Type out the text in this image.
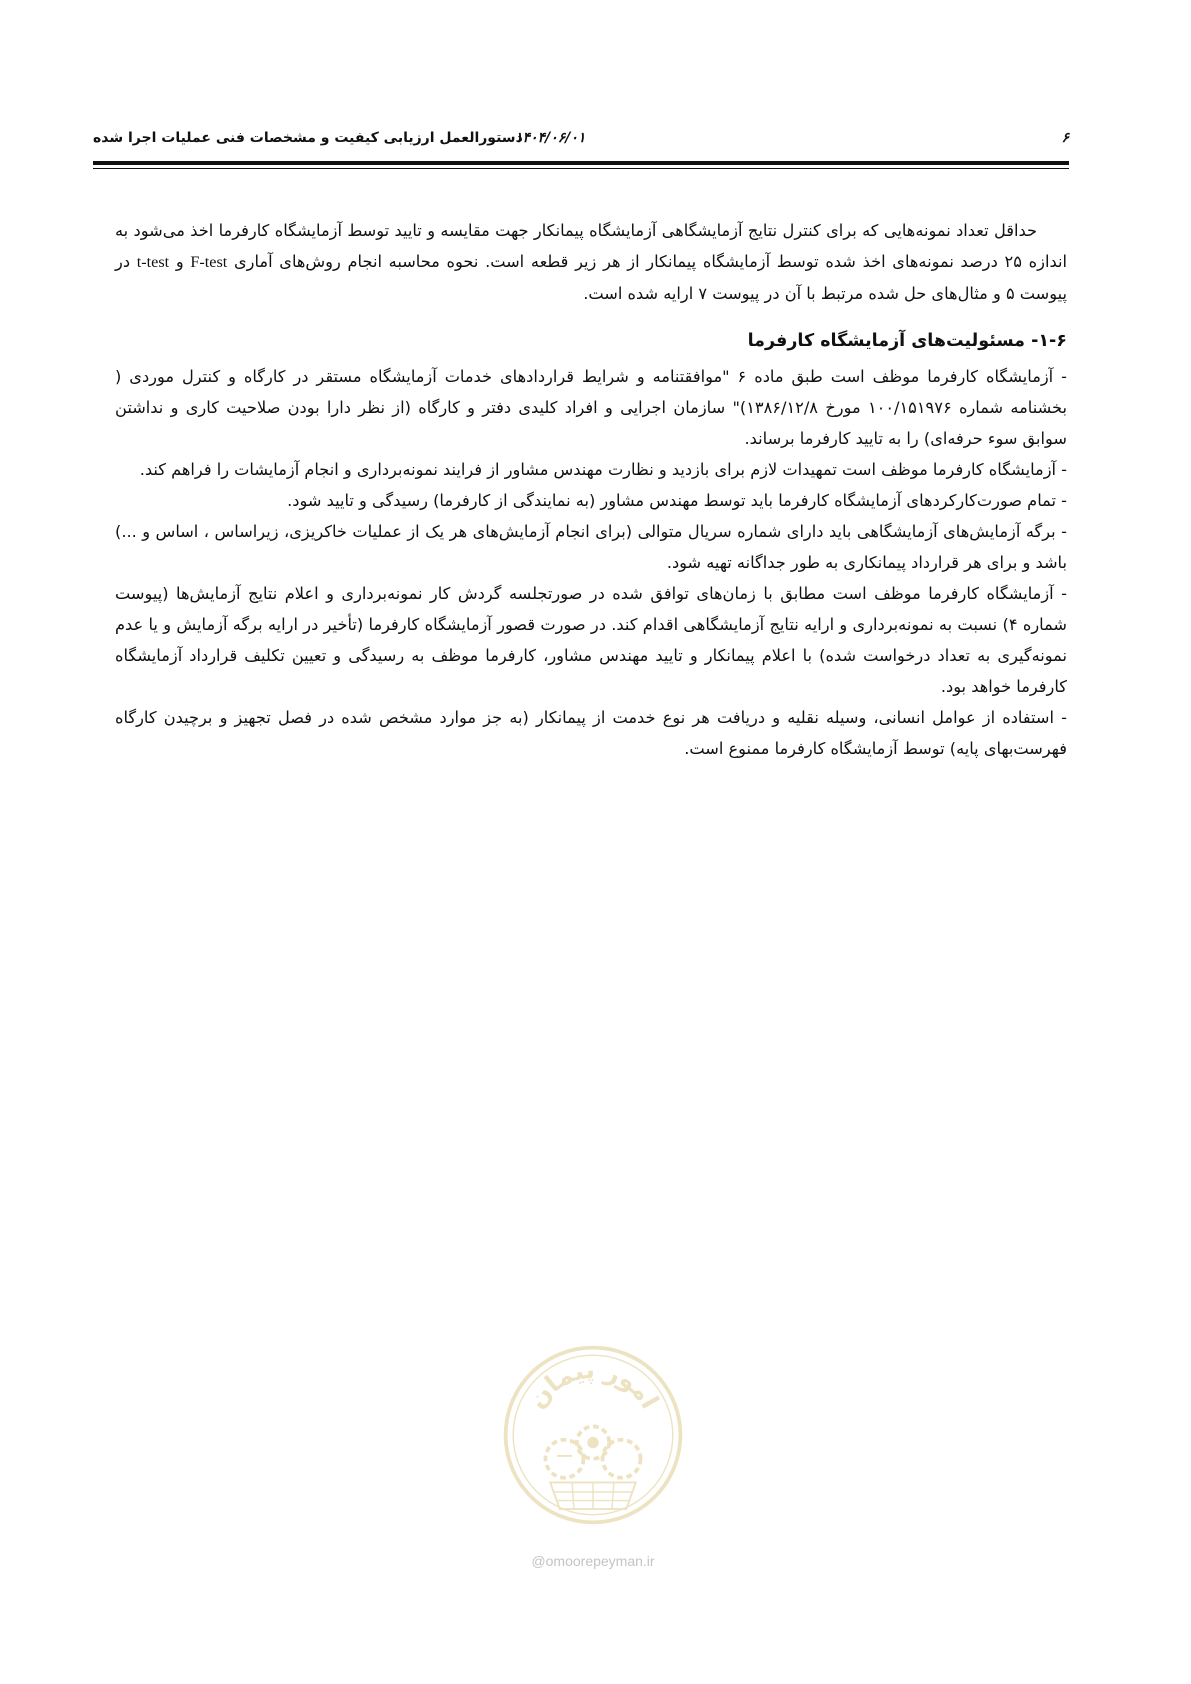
۶
۱۴۰۴/۰۶/۰۱
دستورالعمل ارزیابی کیفیت و مشخصات فنی عملیات اجرا شده

حداقل تعداد نمونه‌هایی که برای کنترل نتایج آزمایشگاهی آزمایشگاه پیمانکار جهت مقایسه و تایید توسط آزمایشگاه کارفرما اخذ می‌شود به اندازه ۲۵ درصد نمونه‌های اخذ شده توسط آزمایشگاه پیمانکار از هر زیر قطعه است. نحوه محاسبه انجام روش‌های آماری F-test و t-test در پیوست ۵ و مثال‌های حل شده مرتبط با آن در پیوست ۷ ارایه شده است.

۱-۶- مسئولیت‌های آزمایشگاه کارفرما

- آزمایشگاه کارفرما موظف است طبق ماده ۶ "موافقتنامه و شرایط قراردادهای خدمات آزمایشگاه مستقر در کارگاه و کنترل موردی ( بخشنامه شماره ۱۰۰/۱۵۱۹۷۶ مورخ ۱۳۸۶/۱۲/۸)" سازمان اجرایی و افراد کلیدی دفتر و کارگاه (از نظر دارا بودن صلاحیت کاری و نداشتن سوابق سوء حرفه‌ای) را به تایید کارفرما برساند.

- آزمایشگاه کارفرما موظف است تمهیدات لازم برای بازدید و نظارت مهندس مشاور از فرایند نمونه‌برداری و انجام آزمایشات را فراهم کند.

- تمام صورت‌کارکردهای آزمایشگاه کارفرما باید توسط مهندس مشاور (به نمایندگی از کارفرما) رسیدگی و تایید شود.

- برگه آزمایش‌های آزمایشگاهی باید دارای شماره سریال متوالی (برای انجام آزمایش‌های هر یک از عملیات خاکریزی، زیراساس ، اساس و ...) باشد و برای هر قرارداد پیمانکاری به طور جداگانه تهیه شود.

- آزمایشگاه کارفرما موظف است مطابق با زمان‌های توافق شده در صورتجلسه گردش کار نمونه‌برداری و اعلام نتایج آزمایش‌ها (پیوست شماره ۴) نسبت به نمونه‌برداری و ارایه نتایج آزمایشگاهی اقدام کند. در صورت قصور آزمایشگاه کارفرما (تأخیر در ارایه برگه آزمایش و یا عدم نمونه‌گیری به تعداد درخواست شده) با اعلام پیمانکار و تایید مهندس مشاور، کارفرما موظف به رسیدگی و تعیین تکلیف قرارداد آزمایشگاه کارفرما خواهد بود.

- استفاده از عوامل انسانی، وسیله نقلیه و دریافت هر نوع خدمت از پیمانکار (به جز موارد مشخص شده در فصل تجهیز و برچیدن کارگاه فهرست‌بهای پایه) توسط آزمایشگاه کارفرما ممنوع است.

امور پیمان
@omoorepeyman.ir
